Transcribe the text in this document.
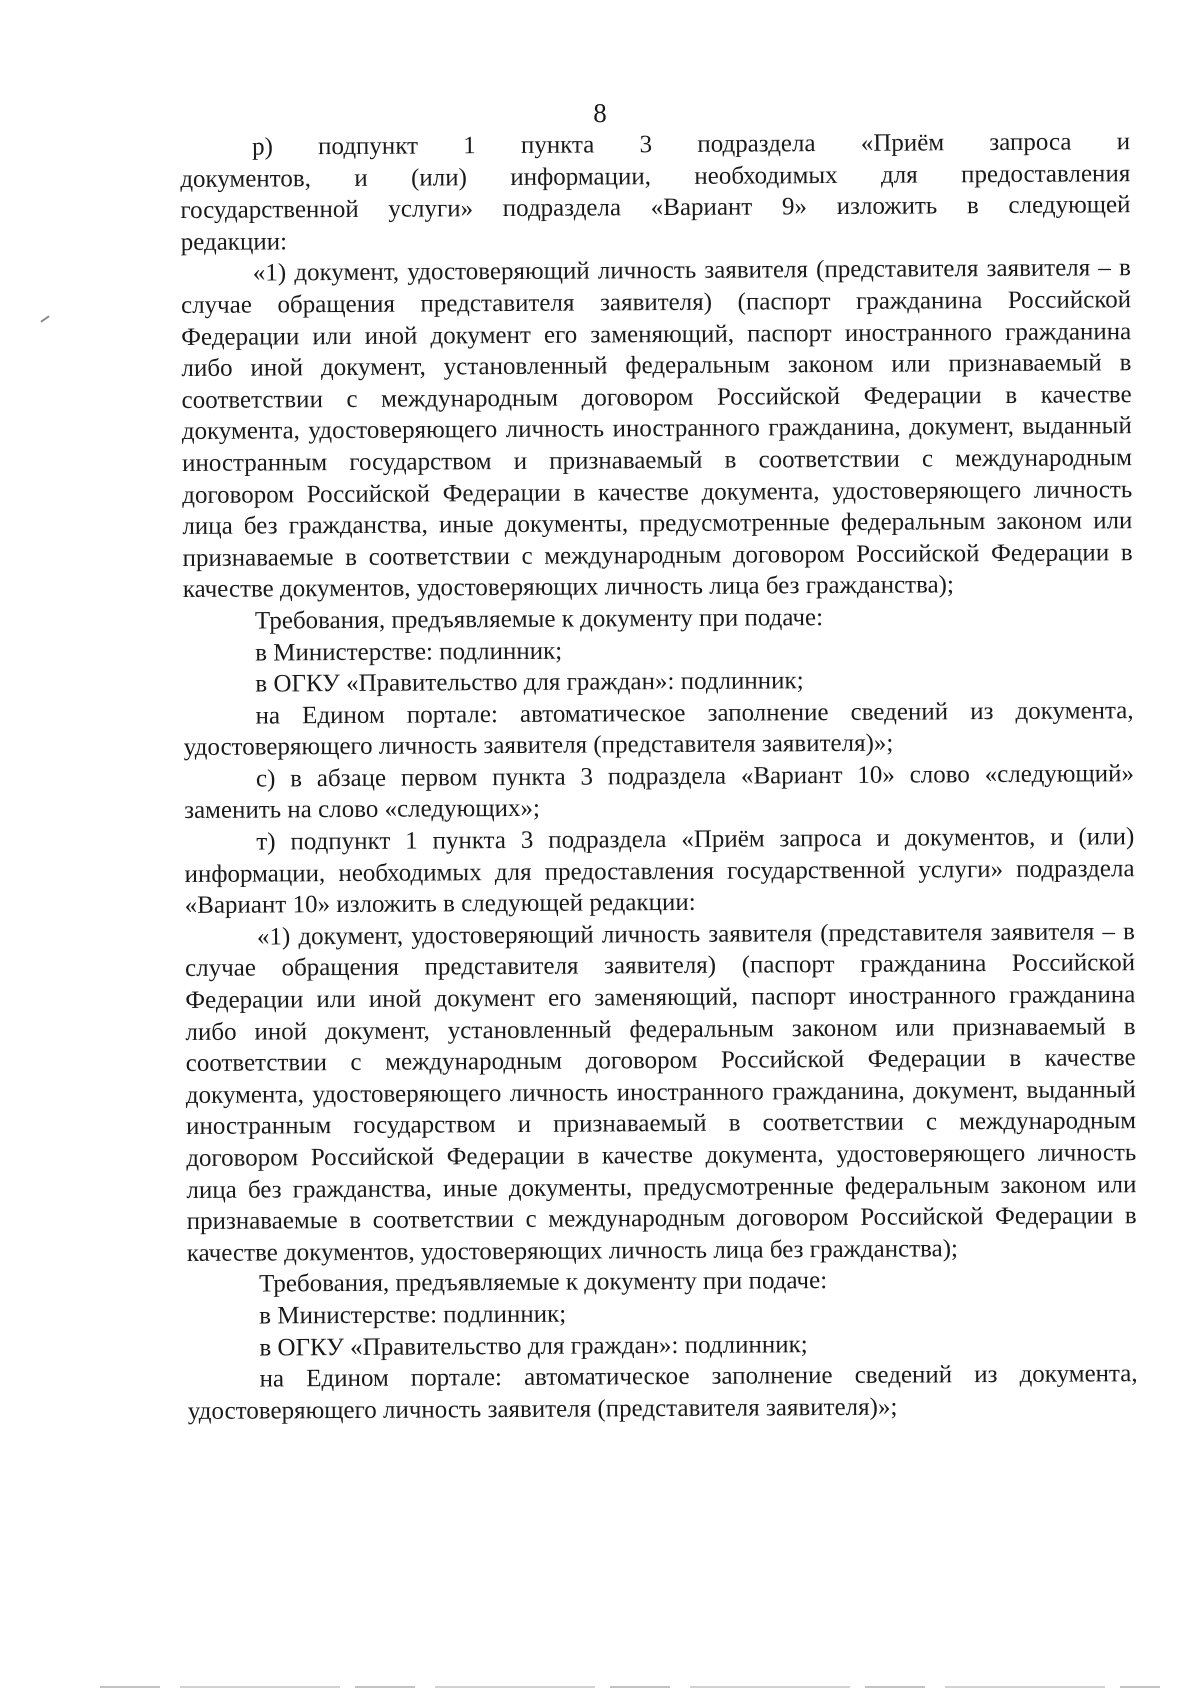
8

р) подпункт 1 пункта 3 подраздела «Приём запроса и документов, и (или) информации, необходимых для предоставления государственной услуги» подраздела «Вариант 9» изложить в следующей редакции:

«1) документ, удостоверяющий личность заявителя (представителя заявителя – в случае обращения представителя заявителя) (паспорт гражданина Российской Федерации или иной документ его заменяющий, паспорт иностранного гражданина либо иной документ, установленный федеральным законом или признаваемый в соответствии с международным договором Российской Федерации в качестве документа, удостоверяющего личность иностранного гражданина, документ, выданный иностранным государством и признаваемый в соответствии с международным договором Российской Федерации в качестве документа, удостоверяющего личность лица без гражданства, иные документы, предусмотренные федеральным законом или признаваемые в соответствии с международным договором Российской Федерации в качестве документов, удостоверяющих личность лица без гражданства);

Требования, предъявляемые к документу при подаче:

в Министерстве: подлинник;

в ОГКУ «Правительство для граждан»: подлинник;

на Едином портале: автоматическое заполнение сведений из документа, удостоверяющего личность заявителя (представителя заявителя)»;

с) в абзаце первом пункта 3 подраздела «Вариант 10» слово «следующий» заменить на слово «следующих»;

т) подпункт 1 пункта 3 подраздела «Приём запроса и документов, и (или) информации, необходимых для предоставления государственной услуги» подраздела «Вариант 10» изложить в следующей редакции:

«1) документ, удостоверяющий личность заявителя (представителя заявителя – в случае обращения представителя заявителя) (паспорт гражданина Российской Федерации или иной документ его заменяющий, паспорт иностранного гражданина либо иной документ, установленный федеральным законом или признаваемый в соответствии с международным договором Российской Федерации в качестве документа, удостоверяющего личность иностранного гражданина, документ, выданный иностранным государством и признаваемый в соответствии с международным договором Российской Федерации в качестве документа, удостоверяющего личность лица без гражданства, иные документы, предусмотренные федеральным законом или признаваемые в соответствии с международным договором Российской Федерации в качестве документов, удостоверяющих личность лица без гражданства);

Требования, предъявляемые к документу при подаче:

в Министерстве: подлинник;

в ОГКУ «Правительство для граждан»: подлинник;

на Едином портале: автоматическое заполнение сведений из документа, удостоверяющего личность заявителя (представителя заявителя)»;
